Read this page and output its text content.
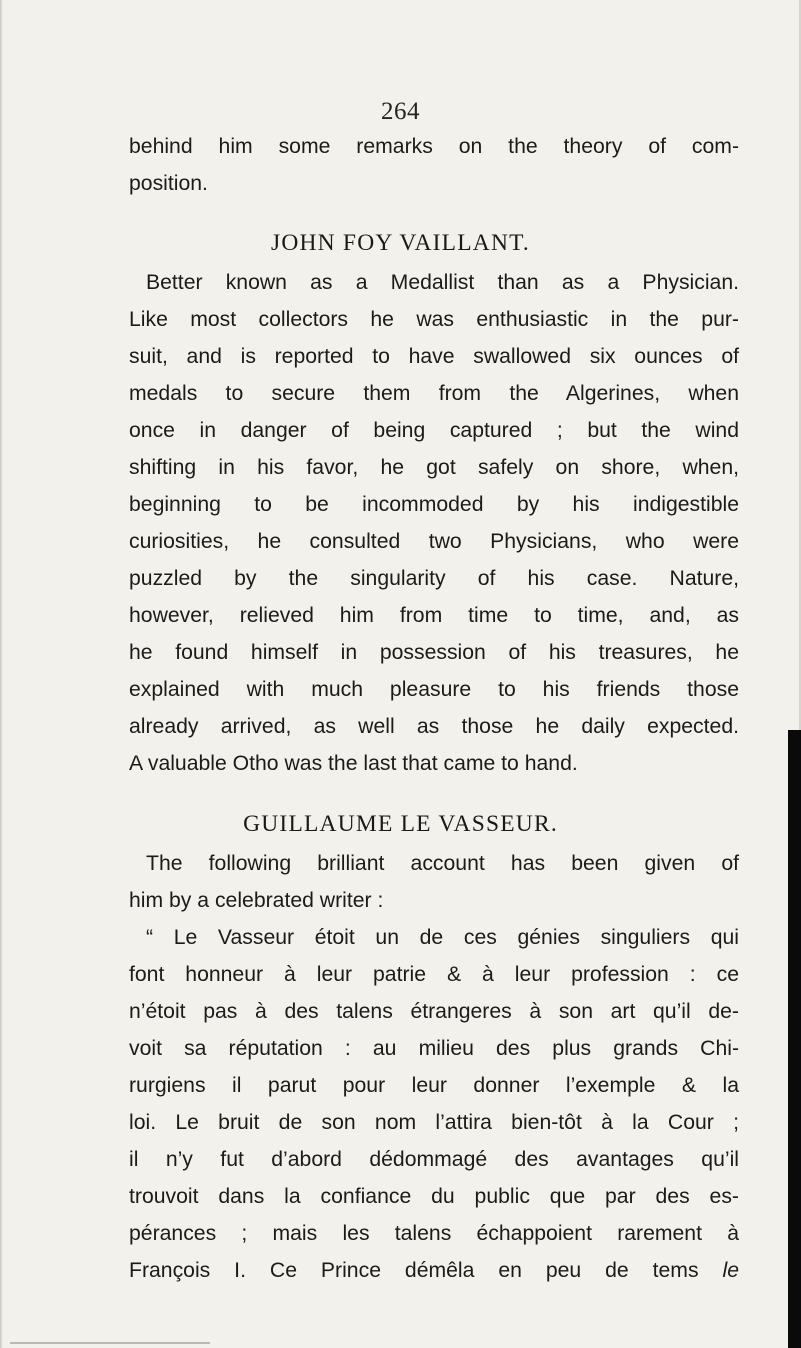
264
behind him some remarks on the theory of com-
position.
JOHN FOY VAILLANT.
Better known as a Medallist than as a Physician.
Like most collectors he was enthusiastic in the pur-
suit, and is reported to have swallowed six ounces of
medals to secure them from the Algerines, when
once in danger of being captured ; but the wind
shifting in his favor, he got safely on shore, when,
beginning to be incommoded by his indigestible
curiosities, he consulted two Physicians, who were
puzzled by the singularity of his case. Nature,
however, relieved him from time to time, and, as
he found himself in possession of his treasures, he
explained with much pleasure to his friends those
already arrived, as well as those he daily expected.
A valuable Otho was the last that came to hand.
GUILLAUME LE VASSEUR.
The following brilliant account has been given of
him by a celebrated writer :
“ Le Vasseur étoit un de ces génies singuliers qui
font honneur à leur patrie & à leur profession : ce
n’étoit pas à des talens étrangeres à son art qu’il de-
voit sa réputation : au milieu des plus grands Chi-
rurgiens il parut pour leur donner l’exemple & la
loi. Le bruit de son nom l’attira bien-tôt à la Cour ;
il n’y fut d’abord dédommagé des avantages qu’il
trouvoit dans la confiance du public que par des es-
pérances ; mais les talens échappoient rarement à
François I. Ce Prince démêla en peu de tems le
